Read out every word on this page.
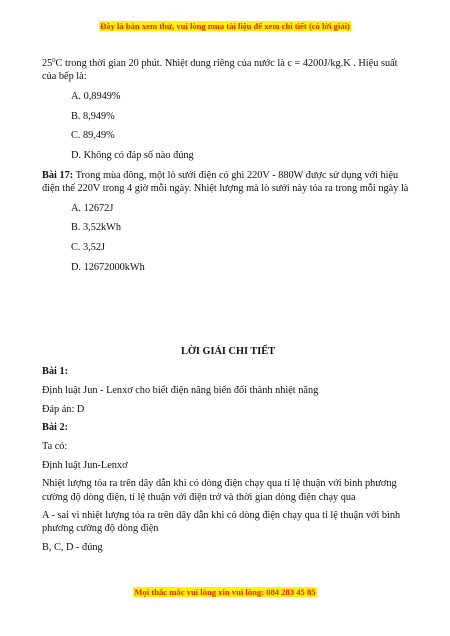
Đây là bản xem thử, vui lòng mua tài liệu để xem chi tiết (có lời giải)

$25^0C$ trong thời gian 20 phút. Nhiệt dung riêng của nước là c = 4200J/kg.K . Hiệu suất của bếp là:

A. 0,8949%

B. 8,949%

C. 89,49%

D. Không có đáp số nào đúng

Bài 17: Trong mùa đông, một lò sưởi điện có ghi 220V - 880W được sử dụng với hiệu điện thế 220V trong 4 giờ mỗi ngày. Nhiệt lượng mà lò sưởi này tỏa ra trong mỗi ngày là

A. 12672J

B. 3,52kWh

C. 3,52J

D. 12672000kWh

LỜI GIẢI CHI TIẾT

Bài 1:

Định luật Jun - Lenxơ cho biết điện năng biến đổi thành nhiệt năng

Đáp án: D

Bài 2:

Ta có:

Định luật Jun-Lenxơ

Nhiệt lượng tỏa ra trên dây dẫn khi có dòng điện chạy qua tỉ lệ thuận với bình phương cường độ dòng điện, tỉ lệ thuận với điện trở và thời gian dòng điện chạy qua

A - sai vì nhiệt lượng tỏa ra trên dây dẫn khi có dòng điện chạy qua tỉ lệ thuận với bình phương cường độ dòng điện

B, C, D - đúng

Mọi thắc mắc vui lòng xin vui lòng: 084 283 45 85
